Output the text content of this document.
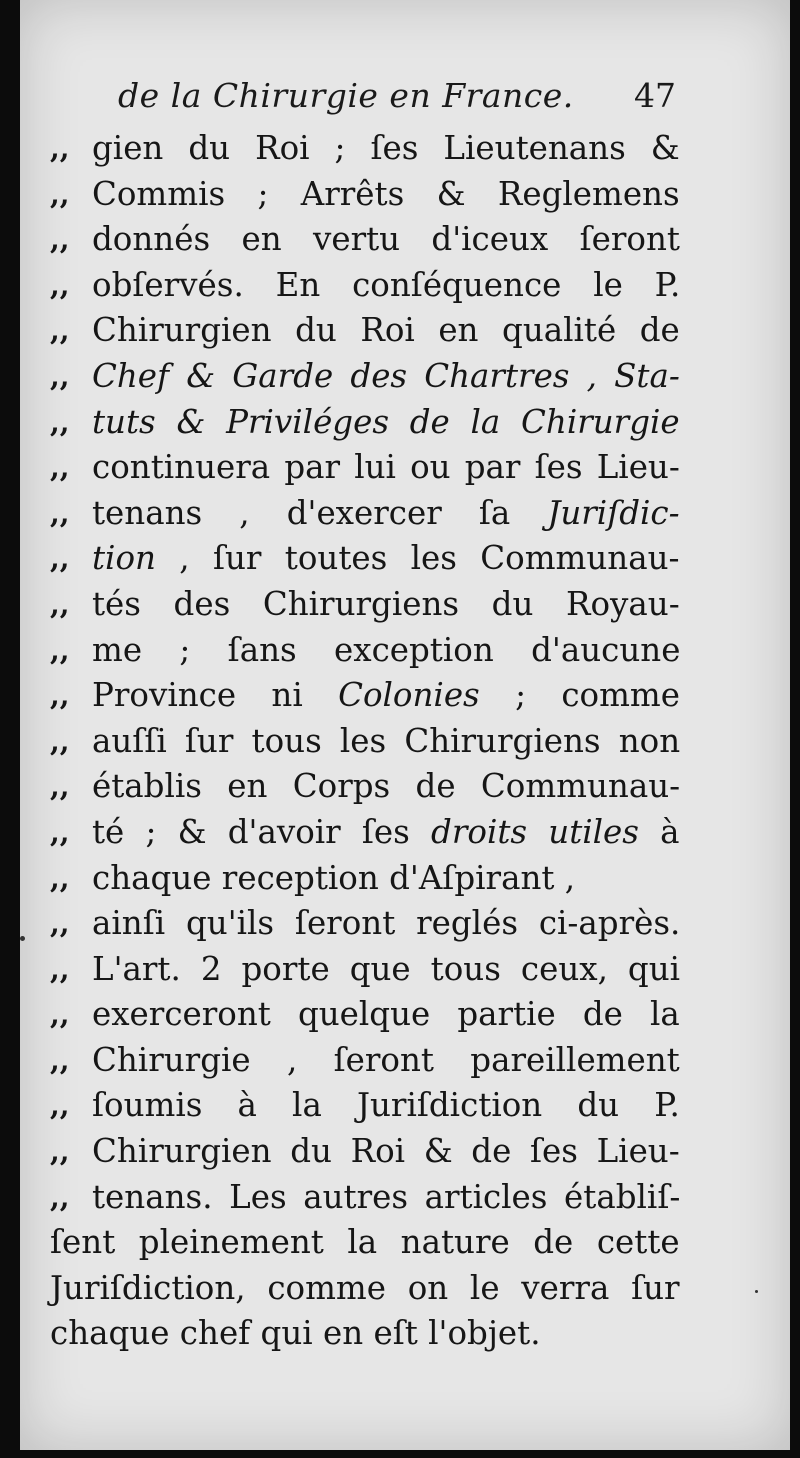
de la Chirurgie en France. 47
,, gien du Roi ; ſes Lieutenans &
,, Commis ; Arrêts & Reglemens
,, donnés en vertu d'iceux ſeront
,, obſervés. En conſéquence le P.
,, Chirurgien du Roi en qualité de
,, Chef & Garde des Chartres , Sta-
,, tuts & Priviléges de la Chirurgie
,, continuera par lui ou par ſes Lieu-
,, tenans , d'exercer ſa Juriſdic-
,, tion , ſur toutes les Communau-
,, tés des Chirurgiens du Royau-
,, me ; ſans exception d'aucune
,, Province ni Colonies ; comme
,, auſſi ſur tous les Chirurgiens non
,, établis en Corps de Communau-
,, té ; & d'avoir ſes droits utiles à
,, chaque reception d'Aſpirant ,
,, ainſi qu'ils ſeront reglés ci-après.
,, L'art. 2 porte que tous ceux, qui
,, exerceront quelque partie de la
,, Chirurgie , ſeront pareillement
,, ſoumis à la Juriſdiction du P.
,, Chirurgien du Roi & de ſes Lieu-
,, tenans. Les autres articles établiſ-
ſent pleinement la nature de cette
Juriſdiction, comme on le verra ſur
chaque chef qui en eſt l'objet.
